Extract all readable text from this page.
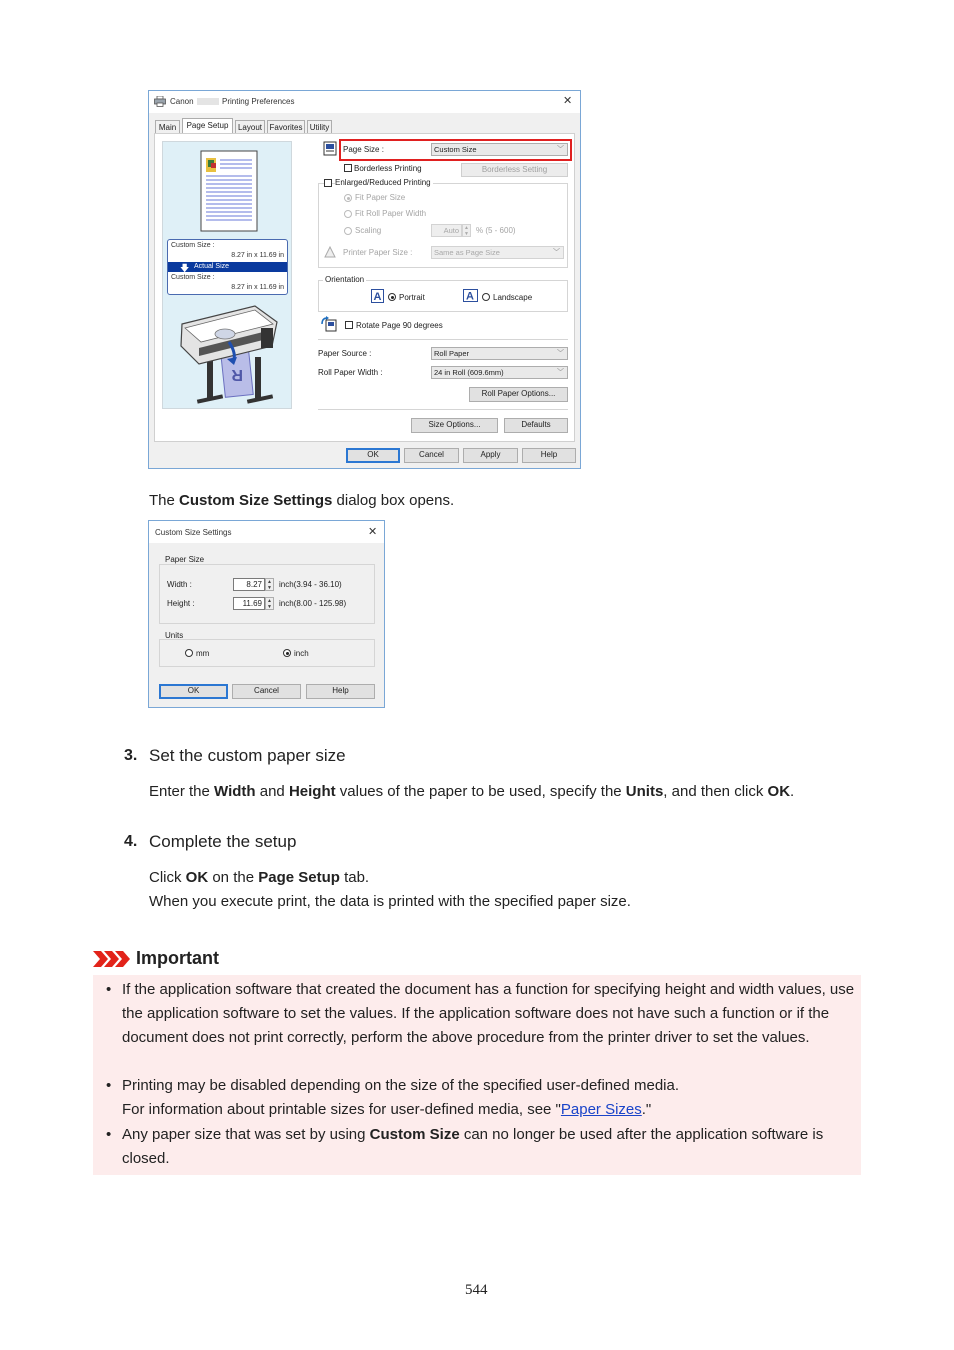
Canon	Printing Preferences	✕
Main	Page Setup	Layout Favorites Utility
Custom Size :
8.27 in x 11.69 in
🡇 Actual Size
Custom Size :
8.27 in x 11.69 in
R
Page Size :	Custom Size	﹀
Borderless Printing	Borderless Setting
Enlarged/Reduced Printing
Fit Paper Size
Fit Roll Paper Width
Scaling	Auto	▲
▼ % (5 - 600)
Printer Paper Size :	Same as Page Size	﹀
Orientation
A Portrait	A Landscape
Rotate Page 90 degrees
Paper Source :	Roll Paper	﹀
Roll Paper Width :	24 in Roll (609.6mm)	﹀
Roll Paper Options...
Size Options...	Defaults
OK	Cancel	Apply	Help
The Custom Size Settings dialog box opens.
Custom Size Settings	✕
Paper Size
Width :	8.27	▲
▼ inch(3.94 - 36.10)
Height :	11.69	▲
▼ inch(8.00 - 125.98)
Units
mm	inch
OK	Cancel	Help
3. Set the custom paper size
Enter the Width and Height values of the paper to be used, specify the Units, and then click OK.
4. Complete the setup
Click OK on the Page Setup tab.
When you execute print, the data is printed with the specified paper size.
Important
• If the application software that created the document has a function for specifying height and width values, use the application software to set the values. If the application software does not have such a function or if the document does not print correctly, perform the above procedure from the printer driver to set the values.
• Printing may be disabled depending on the size of the specified user-defined media.
For information about printable sizes for user-defined media, see "Paper Sizes."
• Any paper size that was set by using Custom Size can no longer be used after the application software is closed.
544
